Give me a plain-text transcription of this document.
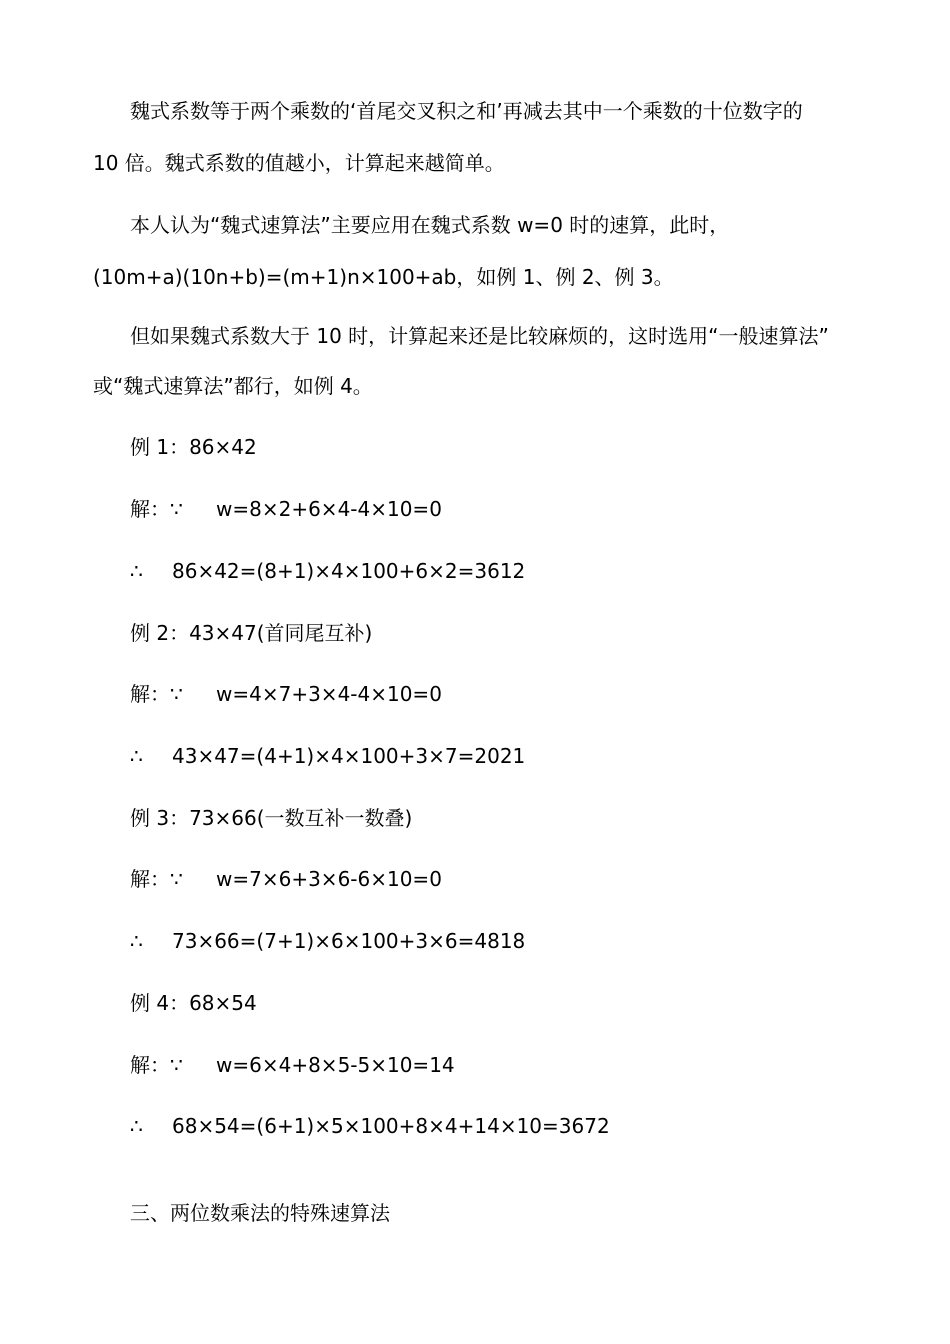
魏式系数等于两个乘数的‘首尾交叉积之和’再减去其中一个乘数的十位数字的
10 倍。魏式系数的值越小，计算起来越简单。
本人认为“魏式速算法”主要应用在魏式系数 w=0 时的速算，此时，
(10m+a)(10n+b)=(m+1)n×100+ab，如例 1、例 2、例 3。
但如果魏式系数大于 10 时，计算起来还是比较麻烦的，这时选用“一般速算法”
或“魏式速算法”都行，如例 4。
例 1：86×42
解：∵ w=8×2+6×4-4×10=0
∴ 86×42=(8+1)×4×100+6×2=3612
例 2：43×47(首同尾互补)
解：∵ w=4×7+3×4-4×10=0
∴ 43×47=(4+1)×4×100+3×7=2021
例 3：73×66(一数互补一数叠)
解：∵ w=7×6+3×6-6×10=0
∴ 73×66=(7+1)×6×100+3×6=4818
例 4：68×54
解：∵ w=6×4+8×5-5×10=14
∴ 68×54=(6+1)×5×100+8×4+14×10=3672
三、两位数乘法的特殊速算法
